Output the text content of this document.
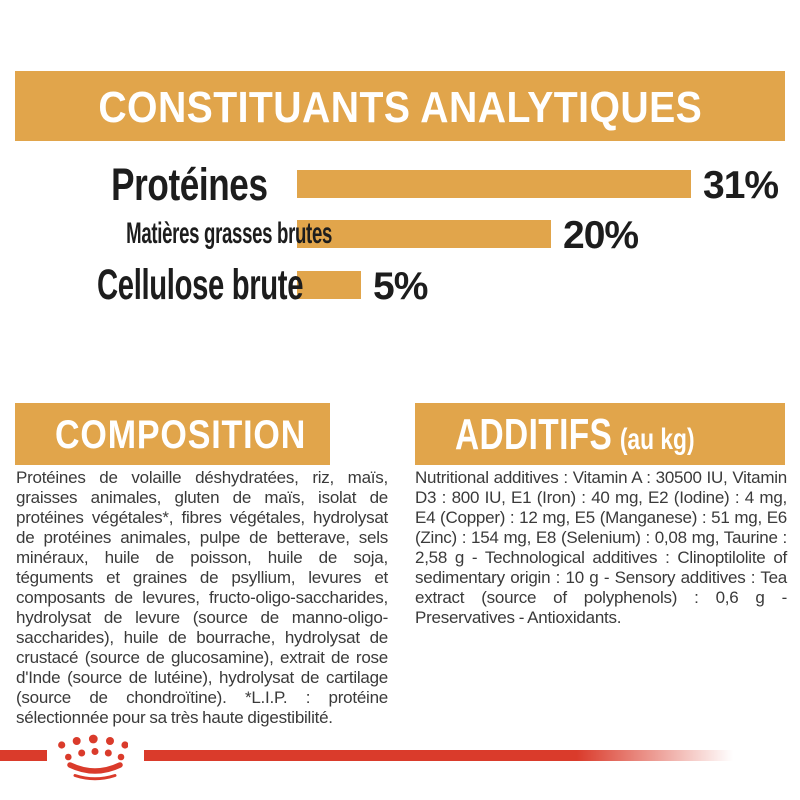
CONSTITUANTS ANALYTIQUES
Protéines	31%
Matières grasses brutes	20%
Cellulose brute 5%
COMPOSITION

Protéines de volaille déshydratées, riz, maïs, graisses animales, gluten de maïs, isolat de protéines végétales*, fibres végétales, hydrolysat de protéines animales, pulpe de betterave, sels minéraux, huile de poisson, huile de soja, téguments et graines de psyllium, levures et composants de levures, fructo-oligo-saccharides, hydrolysat de levure (source de manno-oligo-saccharides), huile de bourrache, hydrolysat de crustacé (source de glucosamine), extrait de rose d'Inde (source de lutéine), hydrolysat de cartilage (source de chondroïtine). *L.I.P. : protéine sélectionnée pour sa très haute digestibilité.

ADDITIFS (au kg)

Nutritional additives : Vitamin A : 30500 IU, Vitamin D3 : 800 IU, E1 (Iron) : 40 mg, E2 (Iodine) : 4 mg, E4 (Copper) : 12 mg, E5 (Manganese) : 51 mg, E6 (Zinc) : 154 mg, E8 (Selenium) : 0,08 mg, Taurine : 2,58 g - Technological additives : Clinoptilolite of sedimentary origin : 10 g - Sensory additives : Tea extract (source of polyphenols) : 0,6 g - Preservatives - Antioxidants.
